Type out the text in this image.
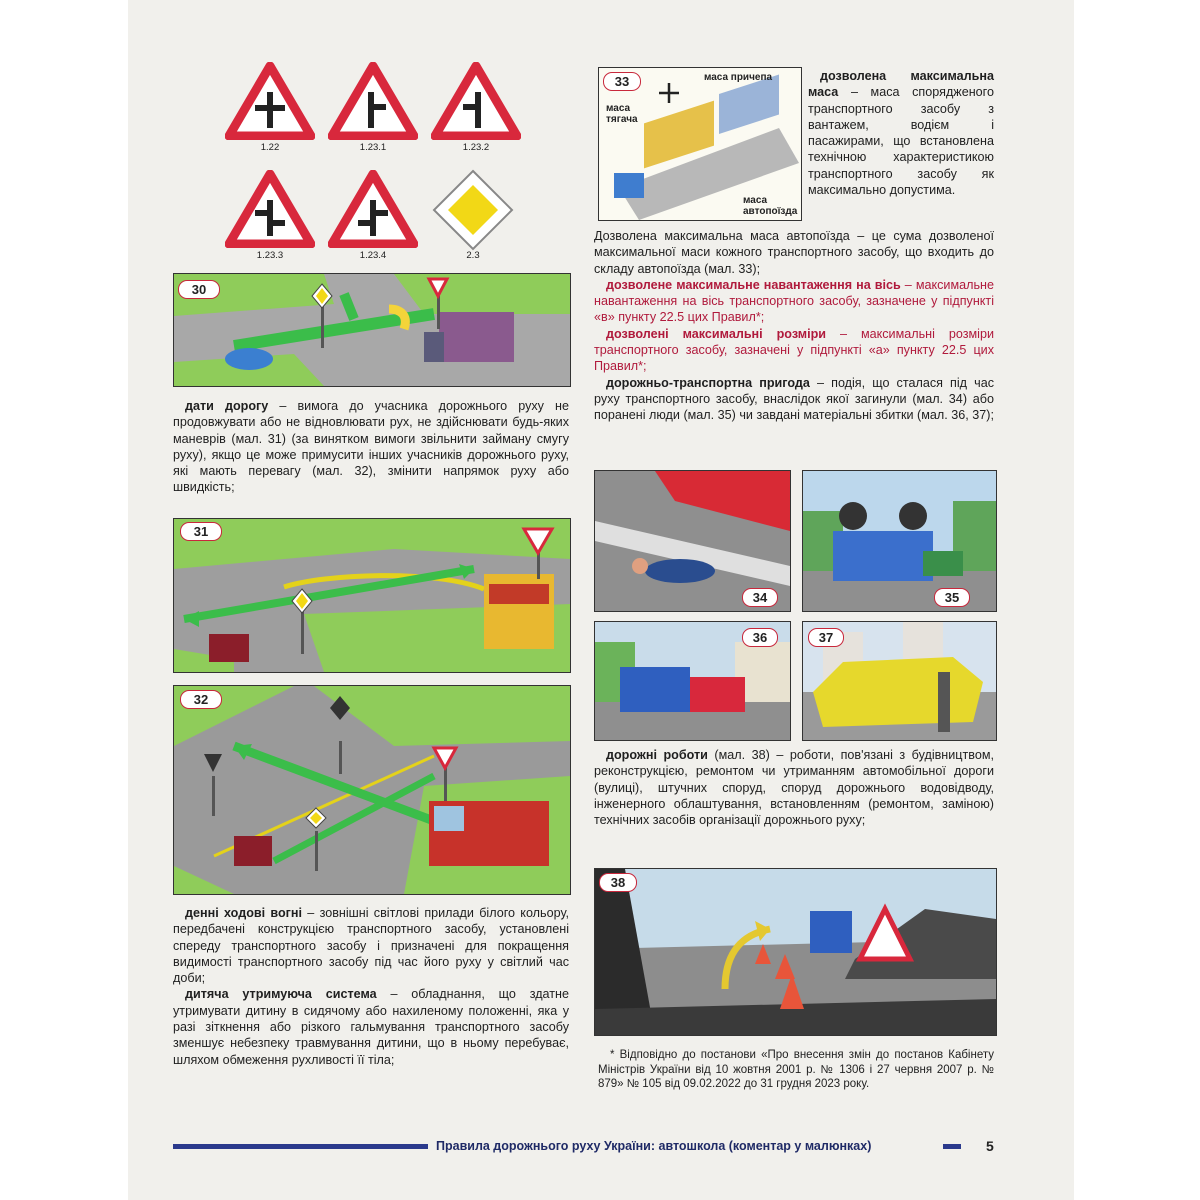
1.22	1.23.1	1.23.2
1.23.3	1.23.4	2.3
30

дати дорогу – вимога до учасника дорожнього руху не продовжувати або не відновлювати рух, не здійснювати будь-яких маневрів (мал. 31) (за винятком вимоги звільнити займану смугу руху), якщо це може примусити інших учасників дорожнього руху, які мають перевагу (мал. 32), змінити напрямок руху або швидкість;

31
32

денні ходові вогні – зовнішні світлові прилади білого кольору, передбачені конструкцією транспортного засобу, установлені спереду транспортного засобу і призначені для покращення видимості транспортного засобу під час його руху у світлий час доби;

дитяча утримуюча система – обладнання, що здатне утримувати дитину в сидячому або нахиленому положенні, яка у разі зіткнення або різкого гальмування транспортного засобу зменшує небезпеку травмування дитини, що в ньому перебуває, шляхом обмеження рухливості її тіла;

33	маса причепа
маса тягача
маса автопоїзда

дозволена максимальна маса – маса спорядженого транспортного засобу з вантажем, водієм і пасажирами, що встановлена технічною характеристикою транспортного засобу як максимально допустима.

Дозволена максимальна маса автопоїзда – це сума дозволеної максимальної маси кожного транспортного засобу, що входить до складу автопоїзда (мал. 33);

дозволене максимальне навантаження на вісь – максимальне навантаження на вісь транспортного засобу, зазначене у підпункті «в» пункту 22.5 цих Правил*;

дозволені максимальні розміри – максимальні розміри транспортного засобу, зазначені у підпункті «а» пункту 22.5 цих Правил*;

дорожньо-транспортна пригода – подія, що сталася під час руху транспортного засобу, внаслідок якої загинули (мал. 34) або поранені люди (мал. 35) чи завдані матеріальні збитки (мал. 36, 37);

34	35
36	37

дорожні роботи (мал. 38) – роботи, пов'язані з будівництвом, реконструкцією, ремонтом чи утриманням автомобільної дороги (вулиці), штучних споруд, споруд дорожнього водовідводу, інженерного облаштування, встановленням (ремонтом, заміною) технічних засобів організації дорожнього руху;

38

* Відповідно до постанови «Про внесення змін до постанов Кабінету Міністрів України від 10 жовтня 2001 р. № 1306 і 27 червня 2007 р. № 879» № 105 від 09.02.2022 до 31 грудня 2023 року.

Правила дорожнього руху України: автошкола (коментар у малюнках)	5
